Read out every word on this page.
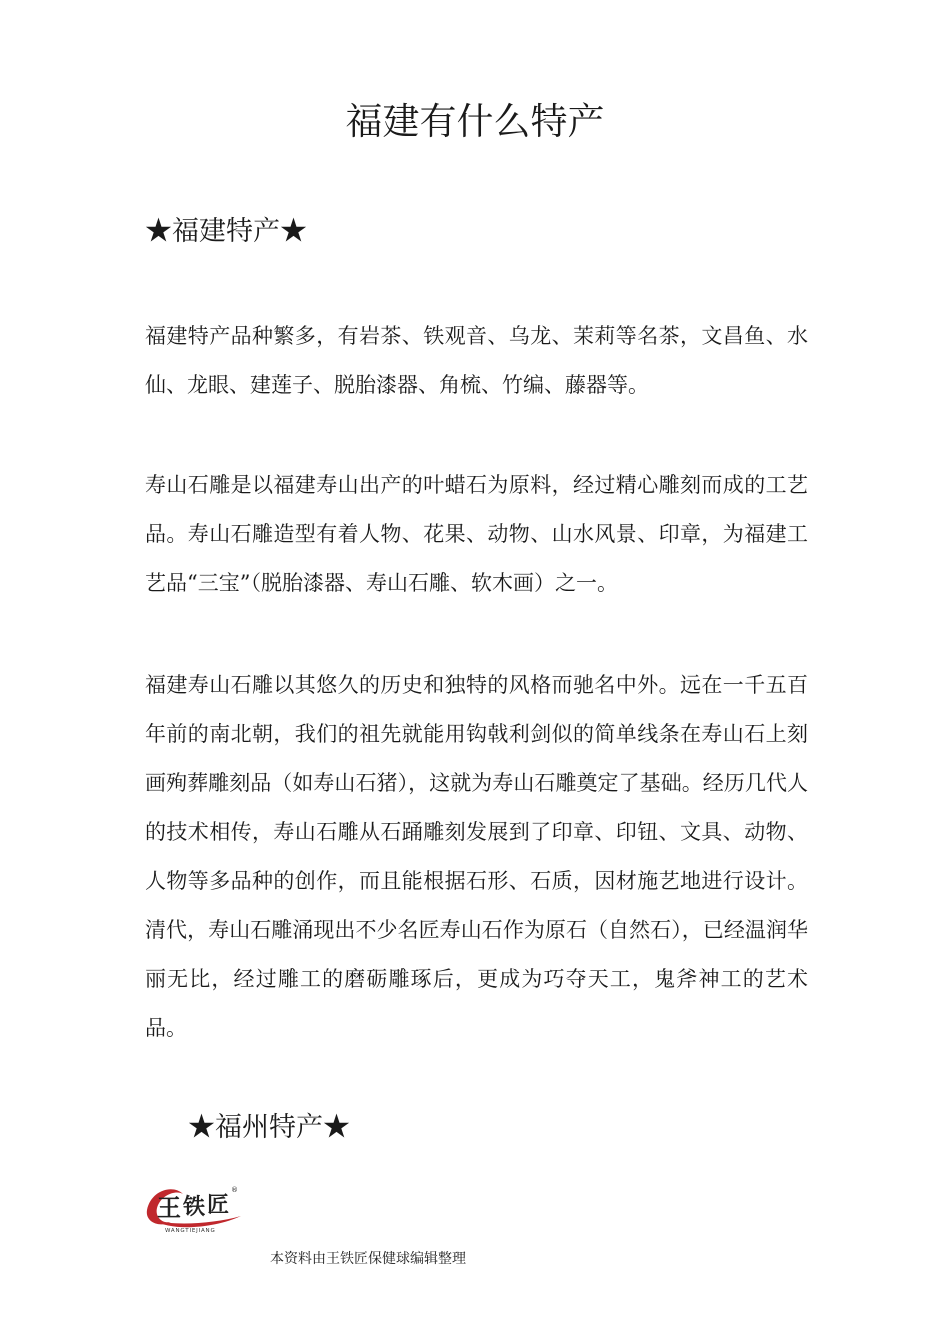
福建有什么特产
★福建特产★

福建特产品种繁多，有岩茶、铁观音、乌龙、茉莉等名茶，文昌鱼、水仙、龙眼、建莲子、脱胎漆器、角梳、竹编、藤器等。

寿山石雕是以福建寿山出产的叶蜡石为原料，经过精心雕刻而成的工艺品。寿山石雕造型有着人物、花果、动物、山水风景、印章，为福建工艺品“三宝”（脱胎漆器、寿山石雕、软木画）之一。

福建寿山石雕以其悠久的历史和独特的风格而驰名中外。远在一千五百年前的南北朝，我们的祖先就能用钩戟利剑似的简单线条在寿山石上刻画殉葬雕刻品（如寿山石猪），这就为寿山石雕奠定了基础。经历几代人的技术相传，寿山石雕从石踊雕刻发展到了印章、印钮、文具、动物、人物等多品种的创作，而且能根据石形、石质，因材施艺地进行设计。清代，寿山石雕涌现出不少名匠寿山石作为原石（自然石），已经温润华丽无比，经过雕工的磨砺雕琢后，更成为巧夺天工，鬼斧神工的艺术品。

★福州特产★
王 铁 匠
®
WANGTIEJIANG

本资料由王铁匠保健球编辑整理
